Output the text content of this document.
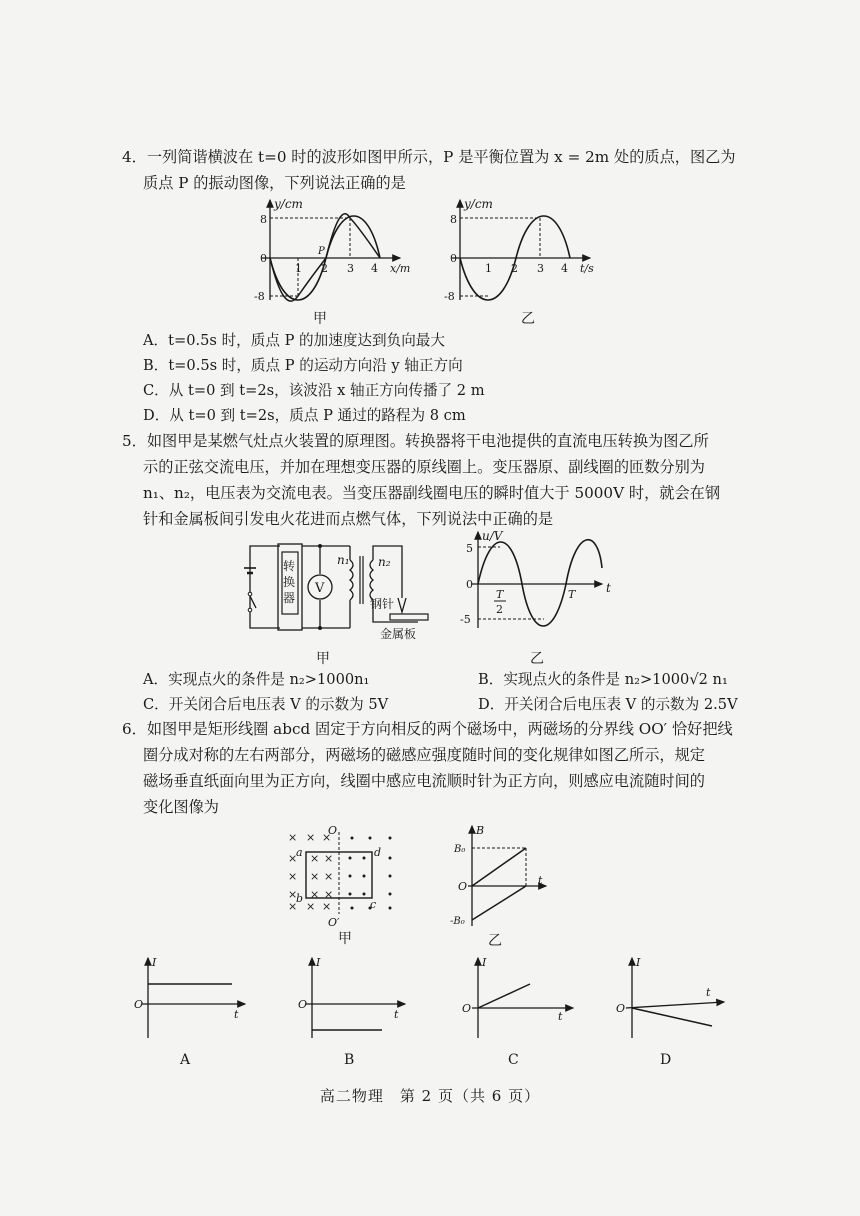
4．一列简谐横波在 t=0 时的波形如图甲所示，P 是平衡位置为 x = 2m 处的质点，图乙为
质点 P 的振动图像，下列说法正确的是
y/cm
8
0
-8
1 2 3 4 x/m
P
甲
y/cm
8
0
-8
1 2 3 4 t/s
乙
A．t=0.5s 时，质点 P 的加速度达到负向最大
B．t=0.5s 时，质点 P 的运动方向沿 y 轴正方向
C．从 t=0 到 t=2s，该波沿 x 轴正方向传播了 2 m
D．从 t=0 到 t=2s，质点 P 通过的路程为 8 cm
5．如图甲是某燃气灶点火装置的原理图。转换器将干电池提供的直流电压转换为图乙所
示的正弦交流电压，并加在理想变压器的原线圈上。变压器原、副线圈的匝数分别为
n₁、n₂，电压表为交流电表。当变压器副线圈电压的瞬时值大于 5000V 时，就会在钢
针和金属板间引发电火花进而点燃气体，下列说法中正确的是
转
换
器
V
n₁ n₂
钢针
金属板
甲
u/V
5
0
-5
T
2
T	t
乙
A．实现点火的条件是 n₂>1000n₁	B．实现点火的条件是 n₂>1000√2 n₁
C．开关闭合后电压表 V 的示数为 5V	D．开关闭合后电压表 V 的示数为 2.5V
6．如图甲是矩形线圈 abcd 固定于方向相反的两个磁场中，两磁场的分界线 OO′ 恰好把线
圈分成对称的左右两部分，两磁场的磁感应强度随时间的变化规律如图乙所示，规定
磁场垂直纸面向里为正方向，线圈中感应电流顺时针为正方向，则感应电流随时间的
变化图像为
× × ×
× × ×
× × ×
× × ×
× × ×
O
O′
a
b	c
d
甲
B
B₀
O
-B₀
t
乙
I
O
t
I
O
t
I
O
t
I
O
t
A	B	C	D
高二物理　第 2 页（共 6 页）
